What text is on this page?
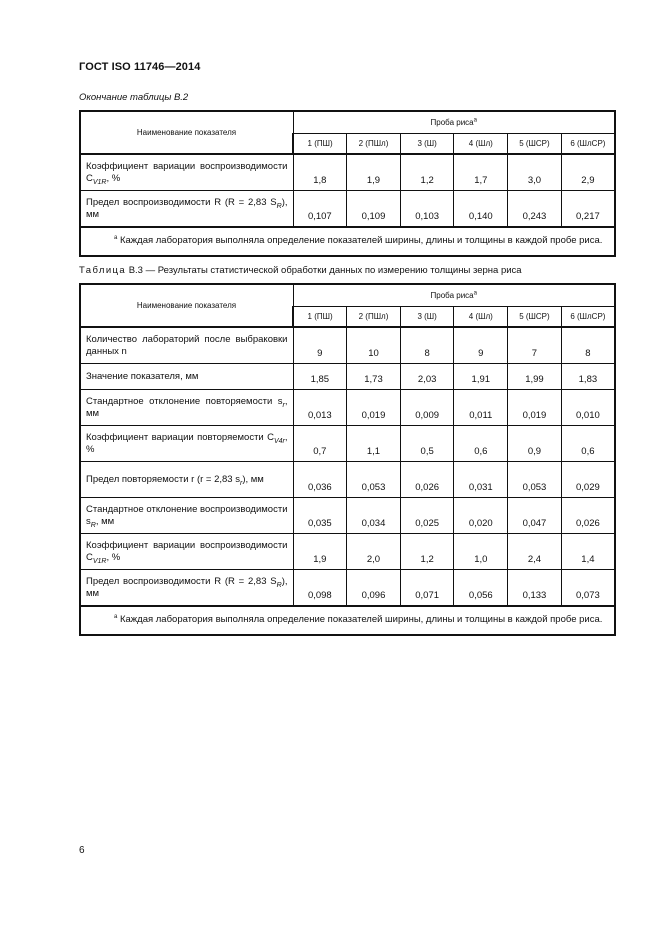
ГОСТ ISO 11746—2014
Окончание таблицы В.2
Наименование показателя	Проба риса$^a$
	1 (ПШ)	2 (ПШл)	3 (Ш)	4 (Шл)	5 (ШСР)	6 (ШлСР)
Коэффициент вариации воспроизводимости $C_{V1R}$, %	1,8	1,9	1,2	1,7	3,0	2,9
Предел воспроизводимости R (R = 2,83 $S_R$), мм	0,107	0,109	0,103	0,140	0,243	0,217
$^a$ Каждая лаборатория выполняла определение показателей ширины, длины и толщины в каждой пробе риса.						
Таблица В.3 — Результаты статистической обработки данных по измерению толщины зерна риса
Наименование показателя	Проба риса$^a$
	1 (ПШ)	2 (ПШл)	3 (Ш)	4 (Шл)	5 (ШСР)	6 (ШлСР)
Количество лабораторий после выбраковки данных n	9	10	8	9	7	8
Значение показателя, мм	1,85	1,73	2,03	1,91	1,99	1,83
Стандартное отклонение повторяемости $s_r$, мм	0,013	0,019	0,009	0,011	0,019	0,010
Коэффициент вариации повторяемости $C_{V4r}$, %	0,7	1,1	0,5	0,6	0,9	0,6
Предел повторяемости r (r = 2,83 $s_r$), мм	0,036	0,053	0,026	0,031	0,053	0,029
Стандартное отклонение воспроизводимости $s_R$, мм	0,035	0,034	0,025	0,020	0,047	0,026
Коэффициент вариации воспроизводимости $C_{V1R}$, %	1,9	2,0	1,2	1,0	2,4	1,4
Предел воспроизводимости R (R = 2,83 $S_R$), мм	0,098	0,096	0,071	0,056	0,133	0,073
$^a$ Каждая лаборатория выполняла определение показателей ширины, длины и толщины в каждой пробе риса.						
6
